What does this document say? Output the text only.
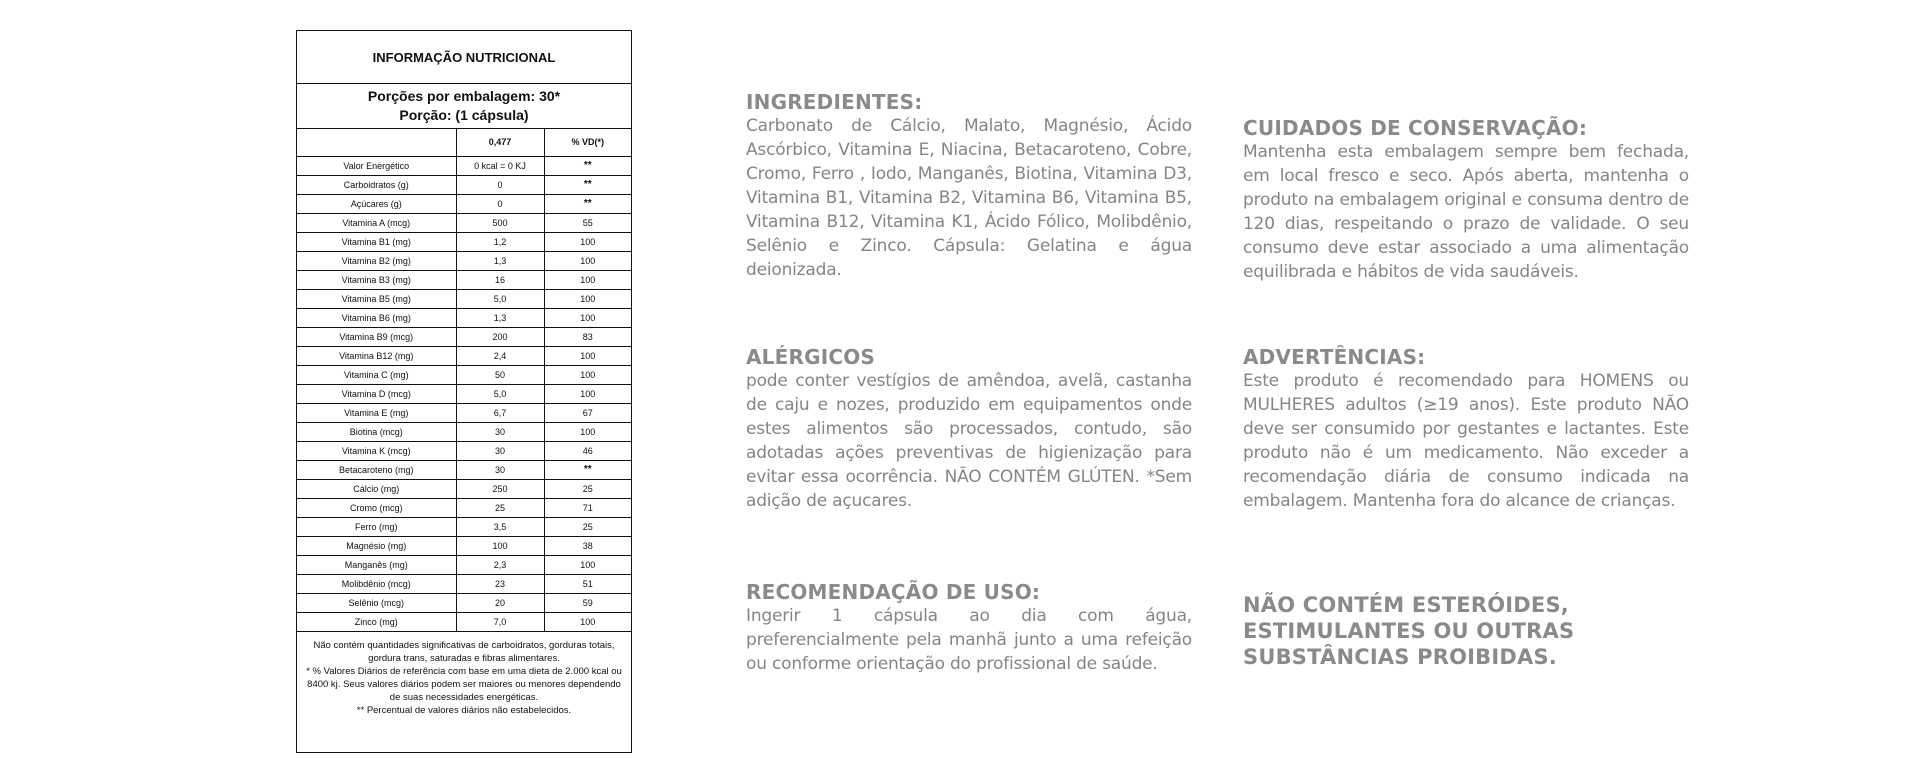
INFORMAÇÃO NUTRICIONAL
Porções por embalagem: 30*
Porção: (1 cápsula)
	0,477	% VD(*)
Valor Energético	0 kcal = 0 KJ	**
Carboidratos (g)	0	**
Açúcares (g)	0	**
Vitamina A (mcg)	500	55
Vitamina B1 (mg)	1,2	100
Vitamina B2 (mg)	1,3	100
Vitamina B3 (mg)	16	100
Vitamina B5 (mg)	5,0	100
Vitamina B6 (mg)	1,3	100
Vitamina B9 (mcg)	200	83
Vitamina B12 (mg)	2,4	100
Vitamina C (mg)	50	100
Vitamina D (mcg)	5,0	100
Vitamina E (mg)	6,7	67
Biotina (mcg)	30	100
Vitamina K (mcg)	30	46
Betacaroteno (mg)	30	**
Cálcio (mg)	250	25
Cromo (mcg)	25	71
Ferro (mg)	3,5	25
Magnésio (mg)	100	38
Manganês (mg)	2,3	100
Molibdênio (mcg)	23	51
Selênio (mcg)	20	59
Zinco (mg)	7,0	100

Não contém quantidades significativas de carboidratos, gorduras totais, gordura trans, saturadas e fibras alimentares.

* % Valores Diários de referência com base em uma dieta de 2.000 kcal ou 8400 kj. Seus valores diários podem ser maiores ou menores dependendo de suas necessidades energéticas.

** Percentual de valores diários não estabelecidos.

INGREDIENTES:

Carbonato de Cálcio, Malato, Magnésio, Ácido Ascórbico, Vitamina E, Niacina, Betacaroteno, Cobre, Cromo, Ferro , Iodo, Manganês, Biotina, Vitamina D3, Vitamina B1, Vitamina B2, Vitamina B6, Vitamina B5, Vitamina B12, Vitamina K1, Ácido Fólico, Molibdênio, Selênio e Zinco. Cápsula: Gelatina e água deionizada.

ALÉRGICOS

pode conter vestígios de amêndoa, avelã, castanha de caju e nozes, produzido em equipamentos onde estes alimentos são processados, contudo, são adotadas ações preventivas de higienização para evitar essa ocorrência. NÃO CONTÉM GLÚTEN. *Sem adição de açucares.

RECOMENDAÇÃO DE USO:

Ingerir 1 cápsula ao dia com água, preferencialmente pela manhã junto a uma refeição ou conforme orientação do profissional de saúde.

CUIDADOS DE CONSERVAÇÃO:

Mantenha esta embalagem sempre bem fechada, em local fresco e seco. Após aberta, mantenha o produto na embalagem original e consuma dentro de 120 dias, respeitando o prazo de validade. O seu consumo deve estar associado a uma alimentação equilibrada e hábitos de vida saudáveis.

ADVERTÊNCIAS:

Este produto é recomendado para HOMENS ou MULHERES adultos (≥19 anos). Este produto NÃO deve ser consumido por gestantes e lactantes. Este produto não é um medicamento. Não exceder a recomendação diária de consumo indicada na embalagem. Mantenha fora do alcance de crianças.

NÃO CONTÉM ESTERÓIDES, ESTIMULANTES OU OUTRAS SUBSTÂNCIAS PROIBIDAS.
